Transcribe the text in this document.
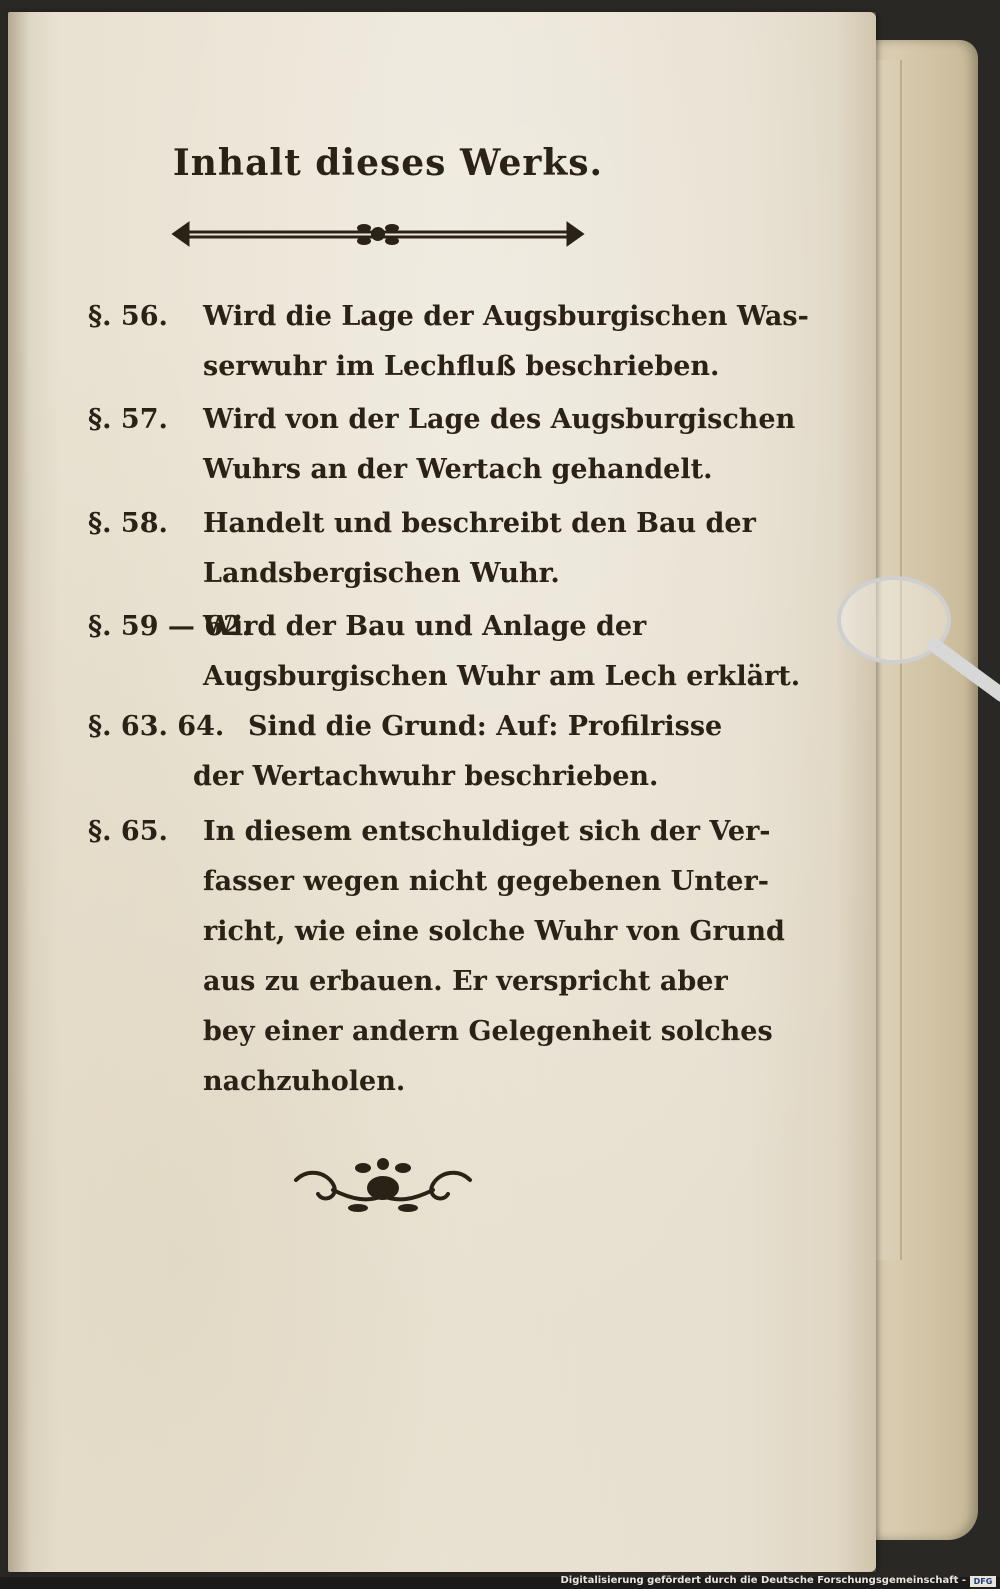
Inhalt dieses Werks.
§. 56. Wird die Lage der Augsburgischen Was-
serwuhr im Lechfluß beschrieben.
§. 57. Wird von der Lage des Augsburgischen
Wuhrs an der Wertach gehandelt.
§. 58. Handelt und beschreibt den Bau der
Landsbergischen Wuhr.
§. 59 — 62.
Wird der Bau und Anlage der
Augsburgischen Wuhr am Lech erklärt.
§. 63. 64. Sind die Grund: Auf: Profilrisse
der Wertachwuhr beschrieben.
§. 65. In diesem entschuldiget sich der Ver-
fasser wegen nicht gegebenen Unter-
richt, wie eine solche Wuhr von Grund
aus zu erbauen. Er verspricht aber
bey einer andern Gelegenheit solches
nachzuholen.
Digitalisierung gefördert durch die Deutsche Forschungsgemeinschaft - DFG
